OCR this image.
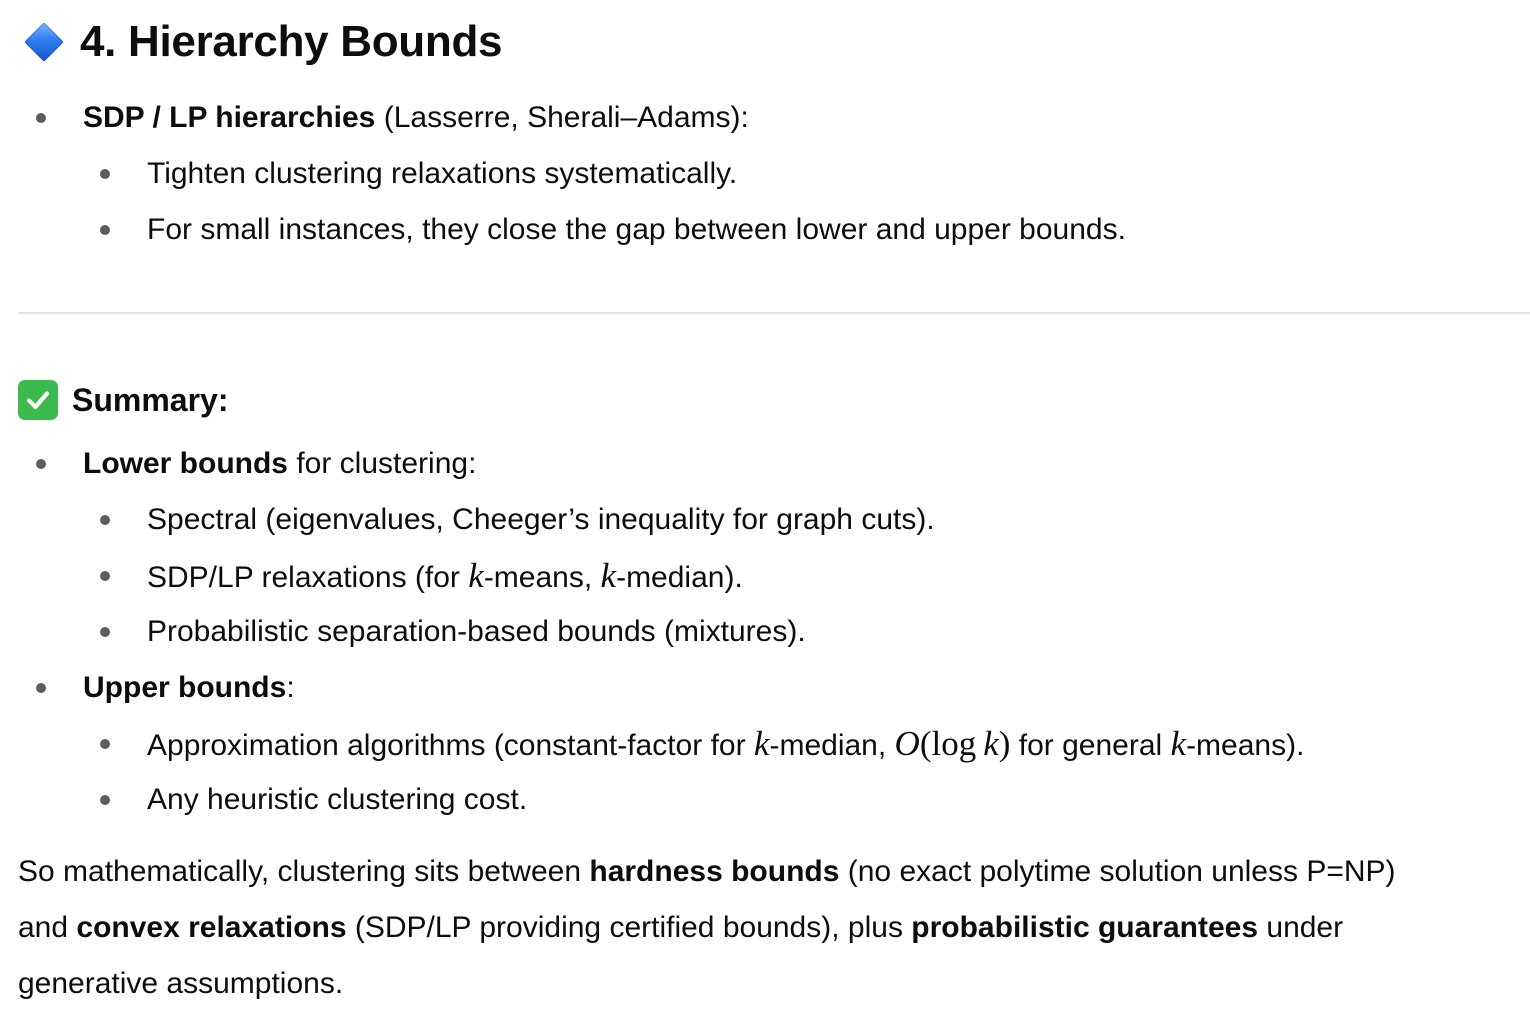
4. Hierarchy Bounds
SDP / LP hierarchies (Lasserre, Sherali–Adams):
Tighten clustering relaxations systematically.
For small instances, they close the gap between lower and upper bounds.
Summary:
Lower bounds for clustering:
Spectral (eigenvalues, Cheeger’s inequality for graph cuts).
SDP/LP relaxations (for k-means, k-median).
Probabilistic separation-based bounds (mixtures).
Upper bounds:
Approximation algorithms (constant-factor for k-median, O(log  k) for general k-means).
Any heuristic clustering cost.
So mathematically, clustering sits between hardness bounds (no exact polytime solution unless P=NP)
and convex relaxations (SDP/LP providing certified bounds), plus probabilistic guarantees under
generative assumptions.
